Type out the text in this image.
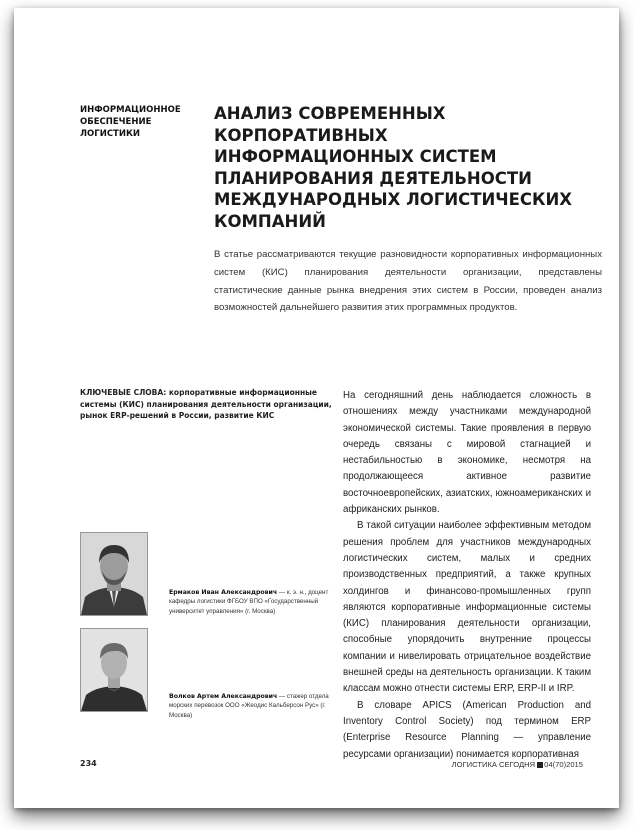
ИНФОРМАЦИОННОЕ
ОБЕСПЕЧЕНИЕ
ЛОГИСТИКИ
АНАЛИЗ СОВРЕМЕННЫХ КОРПОРАТИВНЫХ
ИНФОРМАЦИОННЫХ СИСТЕМ
ПЛАНИРОВАНИЯ ДЕЯТЕЛЬНОСТИ
МЕЖДУНАРОДНЫХ ЛОГИСТИЧЕСКИХ
КОМПАНИЙ

В статье рассматриваются текущие разновидности корпоративных информационных систем (КИС) планирования деятельности организации, представлены статистические данные рынка внедрения этих систем в России, проведен анализ возможностей дальнейшего развития этих программных продуктов.

КЛЮЧЕВЫЕ СЛОВА: корпоративные информационные системы (КИС) планирования деятельности организации, рынок ERP-решений в России, развитие КИС

На сегодняшний день наблюдается сложность в отношениях между участниками международной экономической системы. Такие проявления в первую очередь связаны с мировой стагнацией и нестабильностью в экономике, несмотря на продолжающееся активное развитие восточноевропейских, азиатских, южноамериканских и африканских рынков.

В такой ситуации наиболее эффективным методом решения проблем для участников международных логистических систем, малых и средних производственных предприятий, а также крупных холдингов и финансово-промышленных групп являются корпоративные информационные системы (КИС) планирования деятельности организации, способные упорядочить внутренние процессы компании и нивелировать отрицательное воздействие внешней среды на деятельность организации. К таким классам можно отнести системы ERP, ERP-II и IRP.

В словаре APICS (American Production and Inventory Control Society) под термином ERP (Enterprise Resource Planning — управление ресурсами организации) понимается корпоративная

Ермаков Иван Александрович — к. э. н., доцент кафедры логистики ФГБОУ ВПО «Государственный университет управления» (г. Москва)

Волков Артем Александрович — стажер отдела морских перевозок ООО «Жеодис Кальберсон Рус» (г. Москва)

234	ЛОГИСТИКА СЕГОДНЯ 04(70)2015
